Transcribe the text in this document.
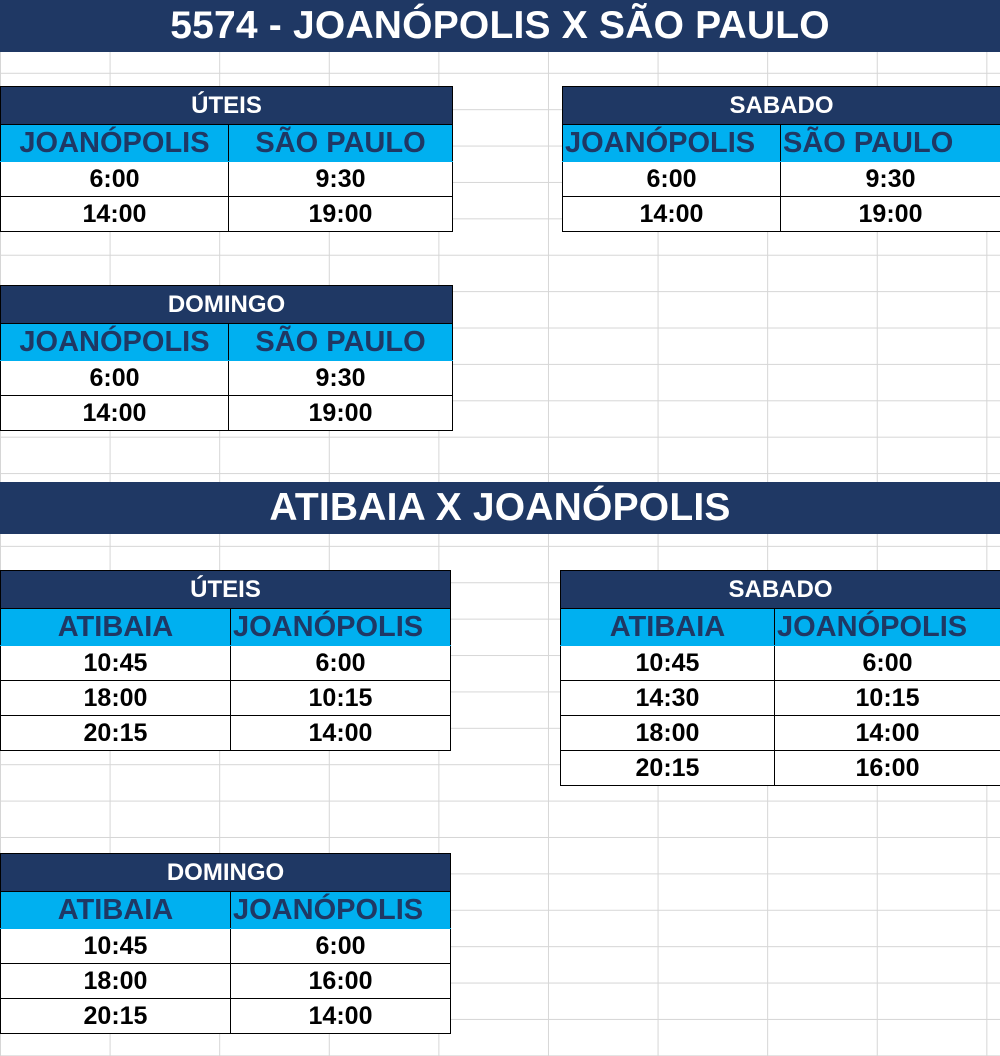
5574 - JOANÓPOLIS X SÃO PAULO
ÚTEIS	
JOANÓPOLIS	SÃO PAULO
6:00	9:30
14:00	19:00
SABADO	
JOANÓPOLIS	SÃO PAULO
6:00	9:30
14:00	19:00
DOMINGO	
JOANÓPOLIS	SÃO PAULO
6:00	9:30
14:00	19:00
ATIBAIA X JOANÓPOLIS
ÚTEIS	
ATIBAIA	JOANÓPOLIS
10:45	6:00
18:00	10:15
20:15	14:00
SABADO	
ATIBAIA	JOANÓPOLIS
10:45	6:00
14:30	10:15
18:00	14:00
20:15	16:00
DOMINGO	
ATIBAIA	JOANÓPOLIS
10:45	6:00
18:00	16:00
20:15	14:00
